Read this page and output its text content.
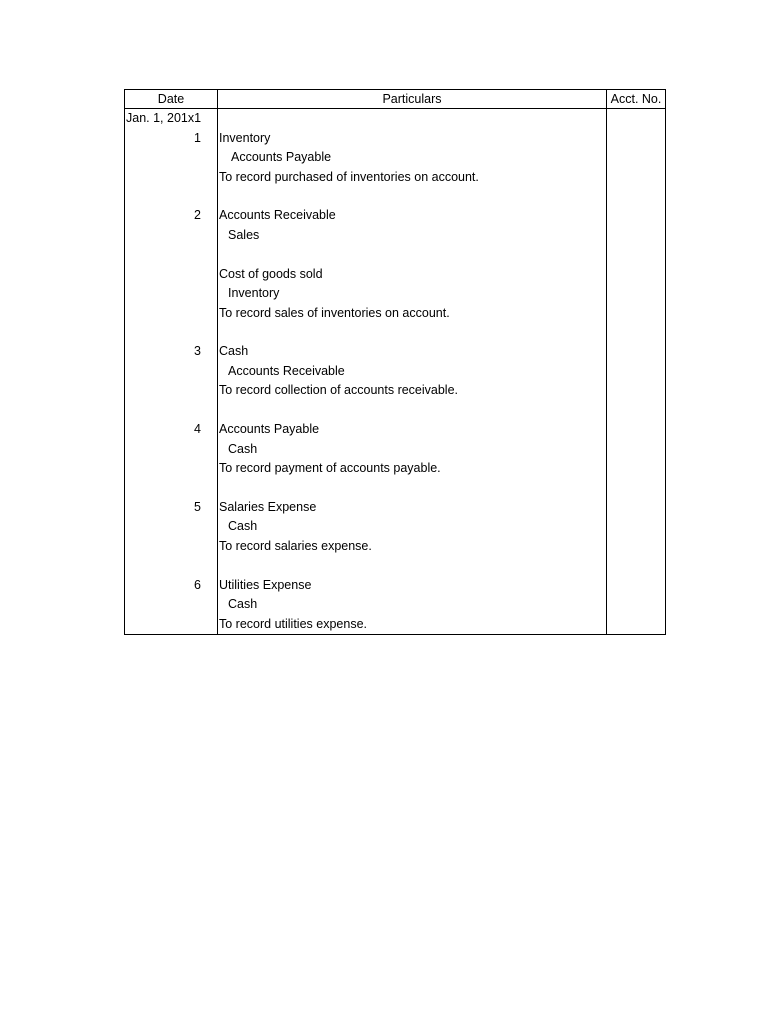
Date	Particulars	Acct. No.
Jan. 1, 201x1		
1	Inventory	
	Accounts Payable	
	To record purchased of inventories on account.	

2	Accounts Receivable	
	Sales	

	Cost of goods sold	
	Inventory	
	To record sales of inventories on account.	

3	Cash	
	Accounts Receivable	
	To record collection of accounts receivable.	

4	Accounts Payable	
	Cash	
	To record payment of accounts payable.	

5	Salaries Expense	
	Cash	
	To record salaries expense.	

6	Utilities Expense	
	Cash	
	To record utilities expense.	
